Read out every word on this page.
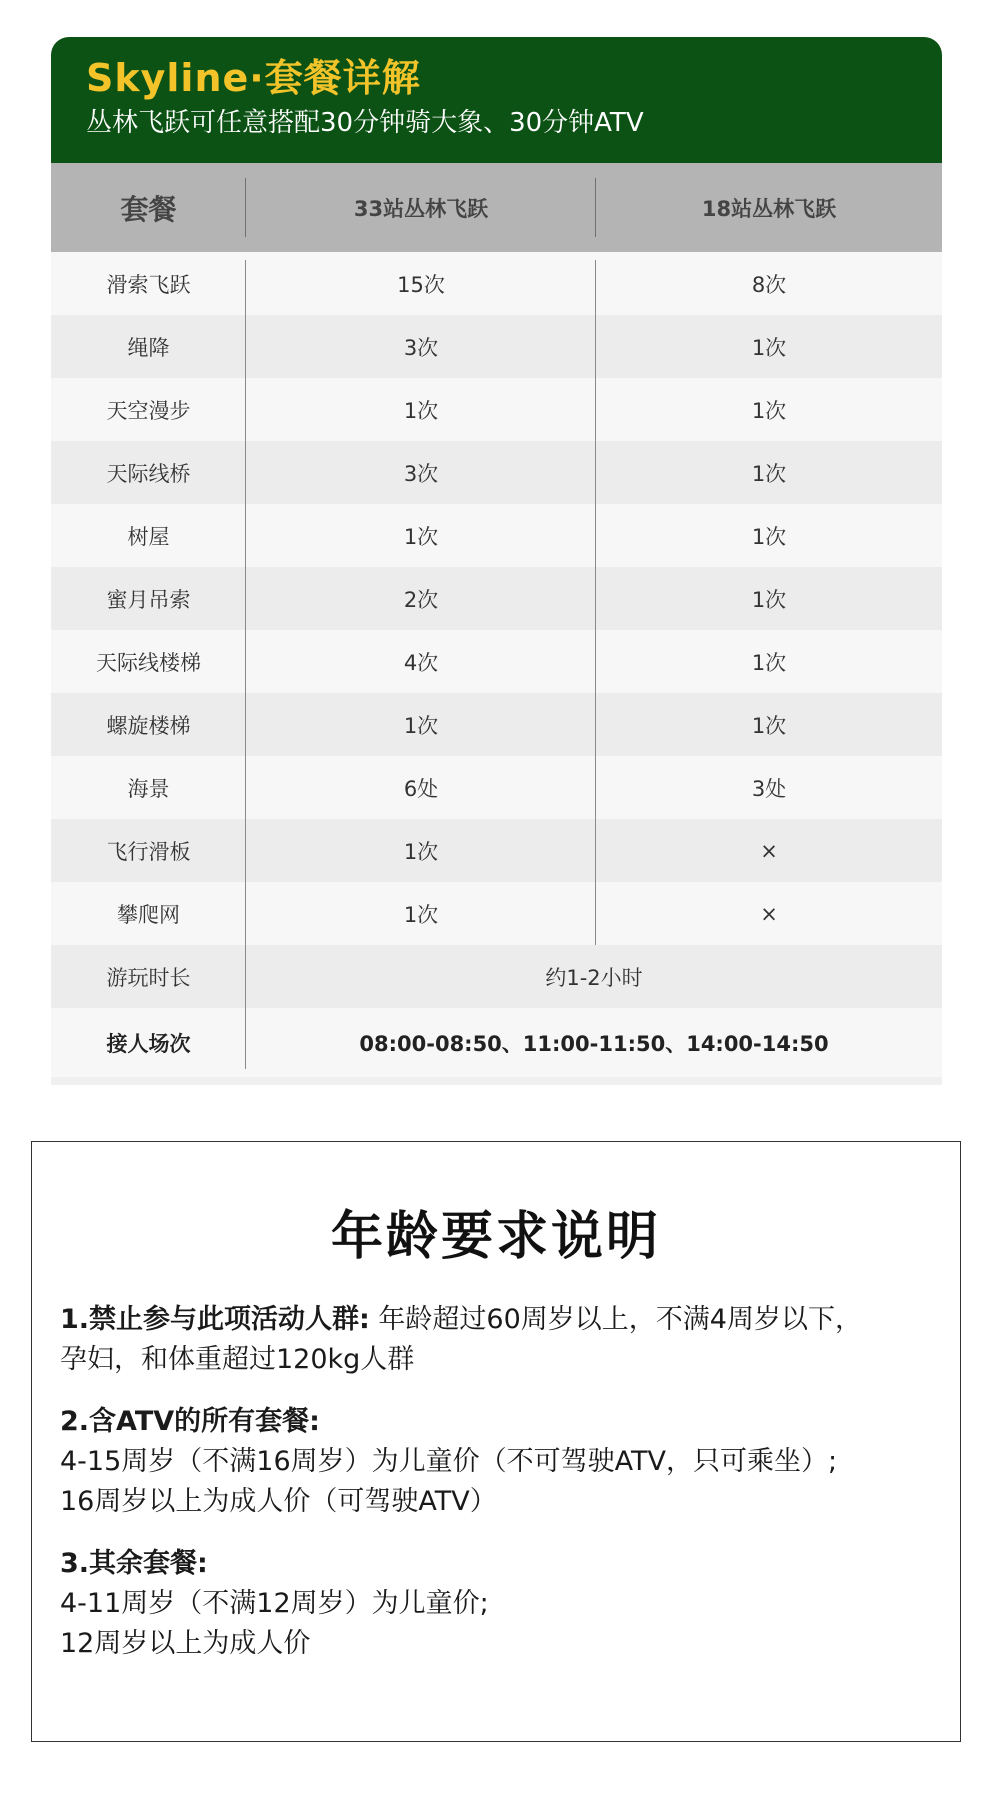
Skyline·套餐详解
丛林飞跃可任意搭配30分钟骑大象、30分钟ATV
套餐	33站丛林飞跃	18站丛林飞跃
滑索飞跃	15次	8次
绳降	3次	1次
天空漫步	1次	1次
天际线桥	3次	1次
树屋	1次	1次
蜜月吊索	2次	1次
天际线楼梯	4次	1次
螺旋楼梯	1次	1次
海景	6处	3处
飞行滑板	1次	×
攀爬网	1次	×
游玩时长	约1-2小时
接人场次	08:00-08:50、11:00-11:50、14:00-14:50
年龄要求说明
1.禁止参与此项活动人群: 年龄超过60周岁以上，不满4周岁以下，
孕妇，和体重超过120kg人群
2.含ATV的所有套餐:
4-15周岁（不满16周岁）为儿童价（不可驾驶ATV，只可乘坐）;
16周岁以上为成人价（可驾驶ATV）
3.其余套餐:
4-11周岁（不满12周岁）为儿童价;
12周岁以上为成人价
